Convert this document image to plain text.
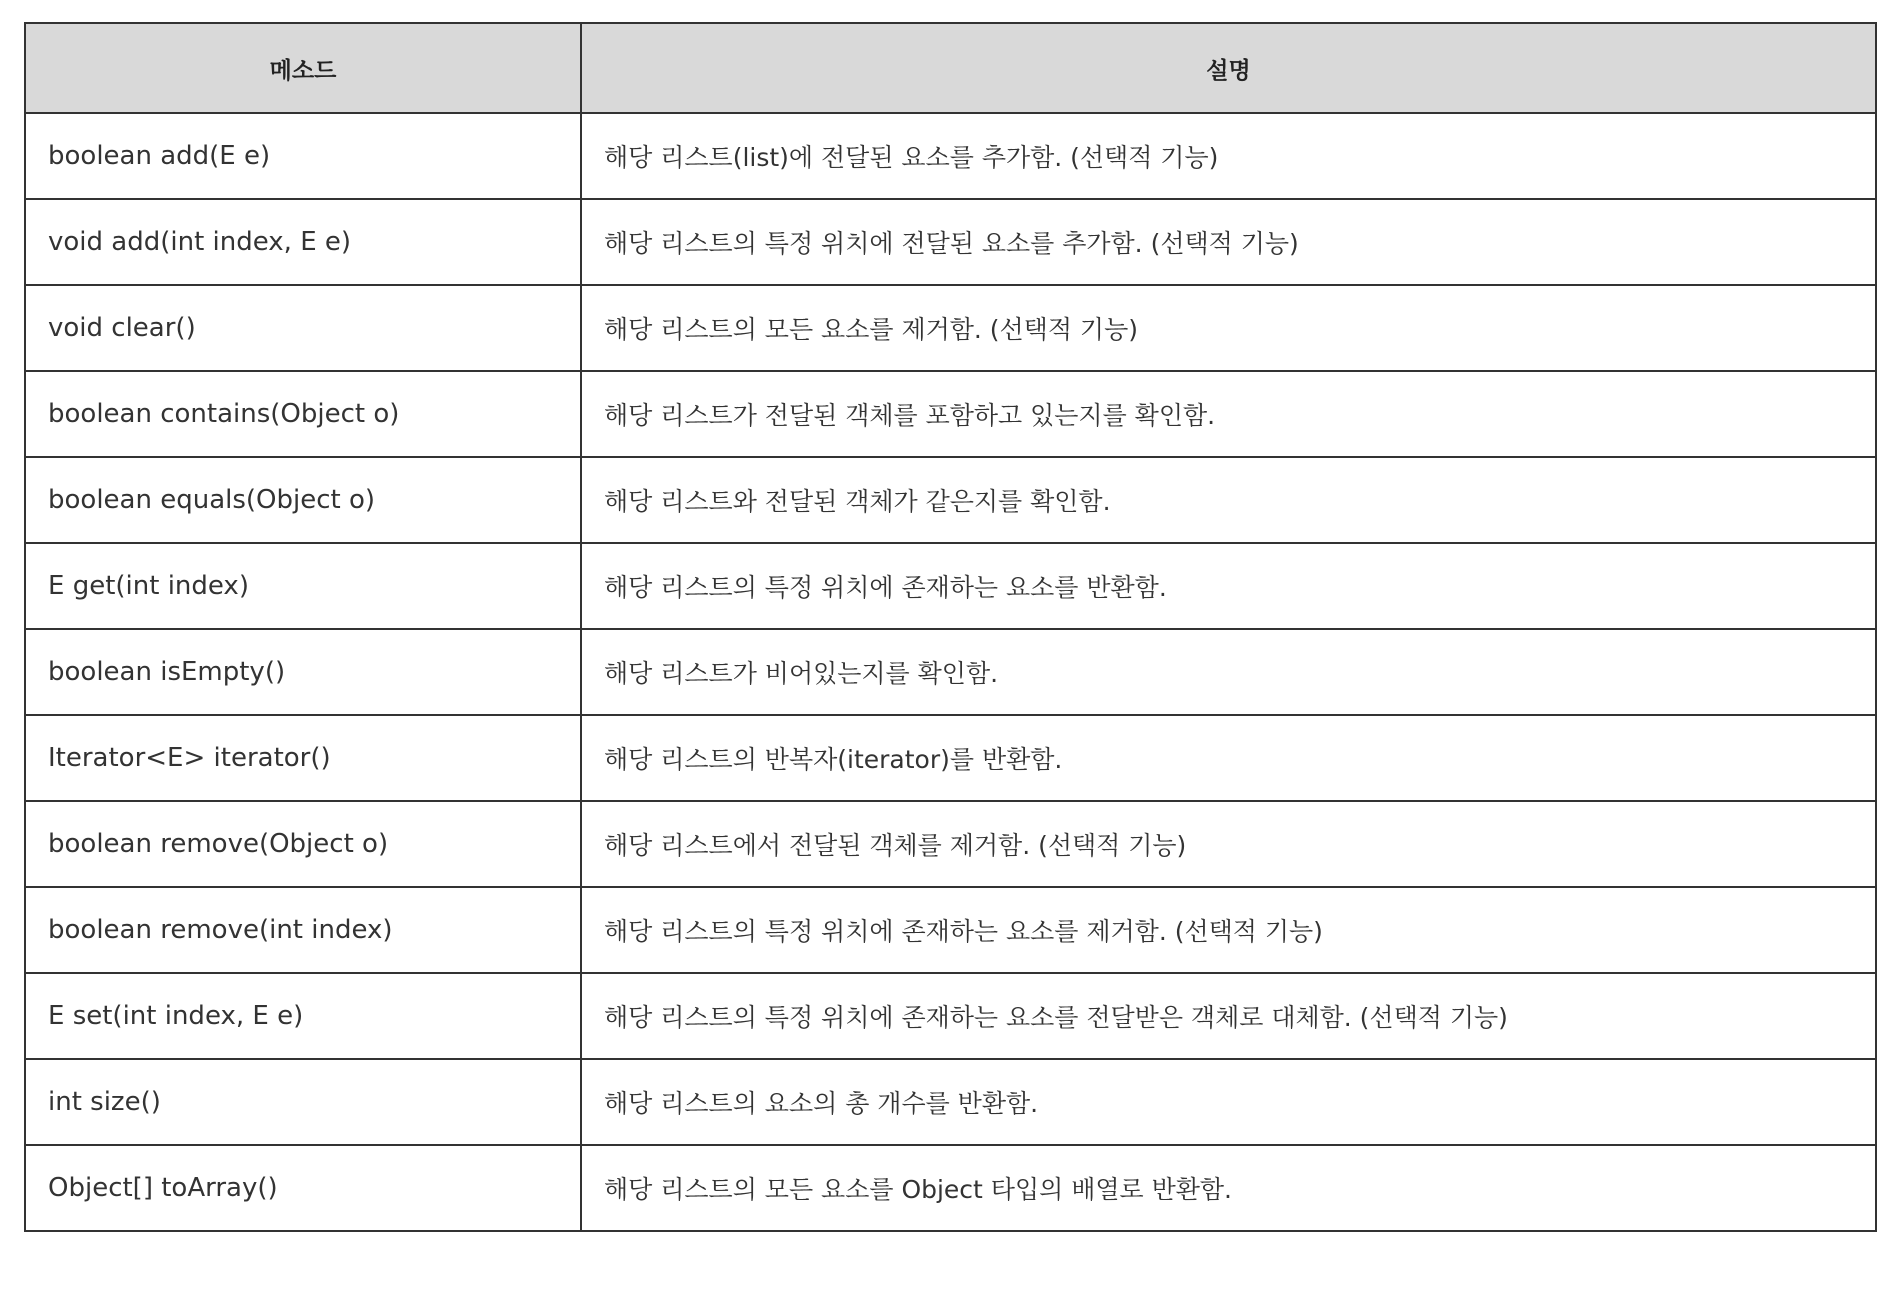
메소드	설명
boolean add(E e)	해당 리스트(list)에 전달된 요소를 추가함. (선택적 기능)
void add(int index, E e)	해당 리스트의 특정 위치에 전달된 요소를 추가함. (선택적 기능)
void clear()	해당 리스트의 모든 요소를 제거함. (선택적 기능)
boolean contains(Object o)	해당 리스트가 전달된 객체를 포함하고 있는지를 확인함.
boolean equals(Object o)	해당 리스트와 전달된 객체가 같은지를 확인함.
E get(int index)	해당 리스트의 특정 위치에 존재하는 요소를 반환함.
boolean isEmpty()	해당 리스트가 비어있는지를 확인함.
Iterator<E> iterator()	해당 리스트의 반복자(iterator)를 반환함.
boolean remove(Object o)	해당 리스트에서 전달된 객체를 제거함. (선택적 기능)
boolean remove(int index)	해당 리스트의 특정 위치에 존재하는 요소를 제거함. (선택적 기능)
E set(int index, E e)	해당 리스트의 특정 위치에 존재하는 요소를 전달받은 객체로 대체함. (선택적 기능)
int size()	해당 리스트의 요소의 총 개수를 반환함.
Object[] toArray()	해당 리스트의 모든 요소를 Object 타입의 배열로 반환함.
